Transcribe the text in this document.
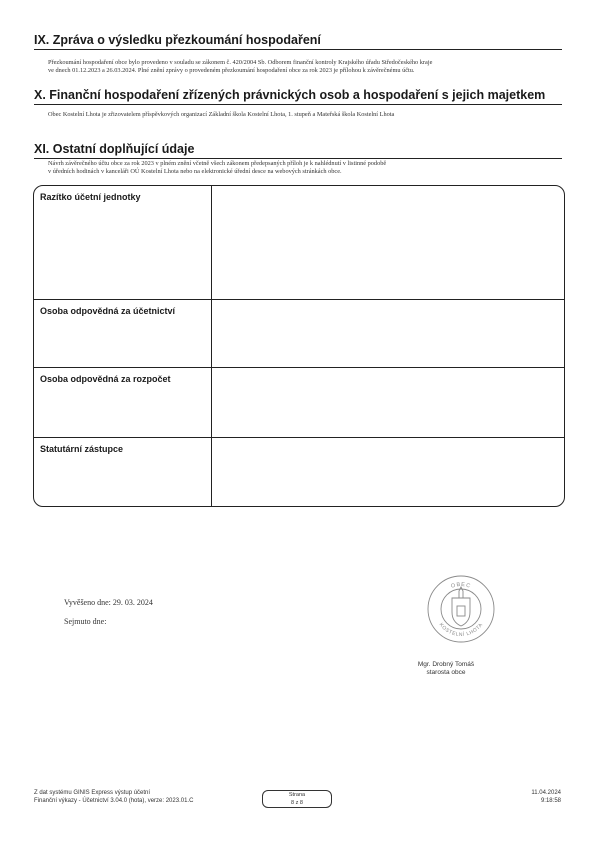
IX. Zpráva o výsledku přezkoumání hospodaření
Přezkoumání hospodaření obce bylo provedeno v souladu se zákonem č. 420/2004 Sb. Odborem finanční kontroly Krajského úřadu Středočeského kraje
ve dnech 01.12.2023 a 26.03.2024. Plné znění zprávy o provedeném přezkoumání hospodaření obce za rok 2023 je přílohou k závěrečnému účtu.
X. Finanční hospodaření zřízených právnických osob a hospodaření s jejich majetkem
Obec Kostelní Lhota je zřizovatelem příspěvkových organizací Základní škola Kostelní Lhota, 1. stupeň a Mateřská škola Kostelní Lhota
XI. Ostatní doplňující údaje
Návrh závěrečného účtu obce za rok 2023 v plném znění včetně všech zákonem předepsaných příloh je k nahlédnutí v listinné podobě
v úředních hodinách v kanceláři OÚ Kostelní Lhota nebo na elektronické úřední desce na webových stránkách obce.
Razítko účetní jednotky
Osoba odpovědná za účetnictví
Osoba odpovědná za rozpočet
Statutární zástupce
Vyvěšeno dne: 29. 03. 2024
Sejmuto dne:
OBEC
KOSTELNÍ LHOTA
Mgr. Drobný Tomáš
starosta obce
Z dat systému GINIS Express výstup účetní
Finanční výkazy - Účetnictví 3.04.0 (hota), verze: 2023.01.C
Strana
8 z 8
11.04.2024
9:18:58
